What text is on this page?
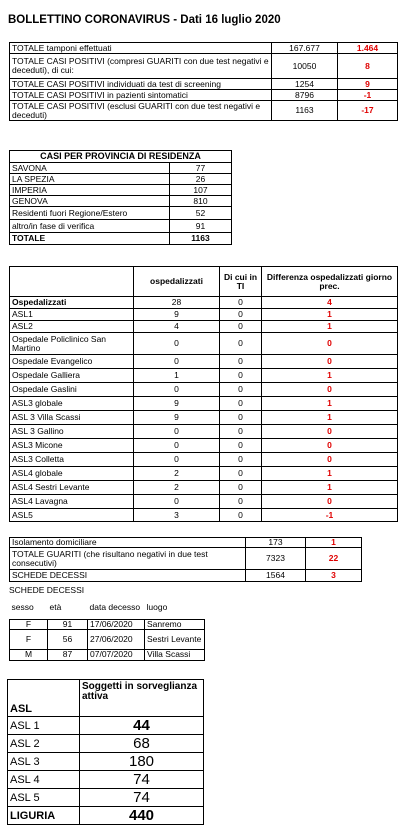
BOLLETTINO CORONAVIRUS - Dati 16 luglio 2020
TOTALE tamponi effettuati	167.677	1.464
TOTALE CASI POSITIVI (compresi GUARITI con due test negativi e deceduti), di cui:	10050	8
TOTALE CASI POSITIVI individuati da test di screening	1254	9
TOTALE CASI POSITIVI in pazienti sintomatici	8796	-1
TOTALE CASI POSITIVI (esclusi GUARITI con due test negativi e deceduti)	1163	-17
CASI PER PROVINCIA DI RESIDENZA	
SAVONA	77
LA SPEZIA	26
IMPERIA	107
GENOVA	810
Residenti fuori Regione/Estero	52
altro/in fase di verifica	91
TOTALE	1163
	ospedalizzati	Di cui in TI	Differenza ospedalizzati giorno prec.
Ospedalizzati	28	0	4
ASL1	9	0	1
ASL2	4	0	1
Ospedale Policlinico San Martino	0	0	0
Ospedale Evangelico	0	0	0
Ospedale Galliera	1	0	1
Ospedale Gaslini	0	0	0
ASL3 globale	9	0	1
ASL 3 Villa Scassi	9	0	1
ASL 3 Gallino	0	0	0
ASL3 Micone	0	0	0
ASL3 Colletta	0	0	0
ASL4 globale	2	0	1
ASL4 Sestri Levante	2	0	1
ASL4 Lavagna	0	0	0
ASL5	3	0	-1
Isolamento domiciliare	173	1
TOTALE GUARITI (che risultano negativi in due test consecutivi)	7323	22
SCHEDE DECESSI	1564	3
SCHEDE DECESSI
sesso	età	data decesso	luogo
F	91	17/06/2020	Sanremo
F	56	27/06/2020	Sestri Levante
M	87	07/07/2020	Villa Scassi
ASL	Soggetti in sorveglianza attiva
ASL 1	44
ASL 2	68
ASL 3	180
ASL 4	74
ASL 5	74
LIGURIA	440
